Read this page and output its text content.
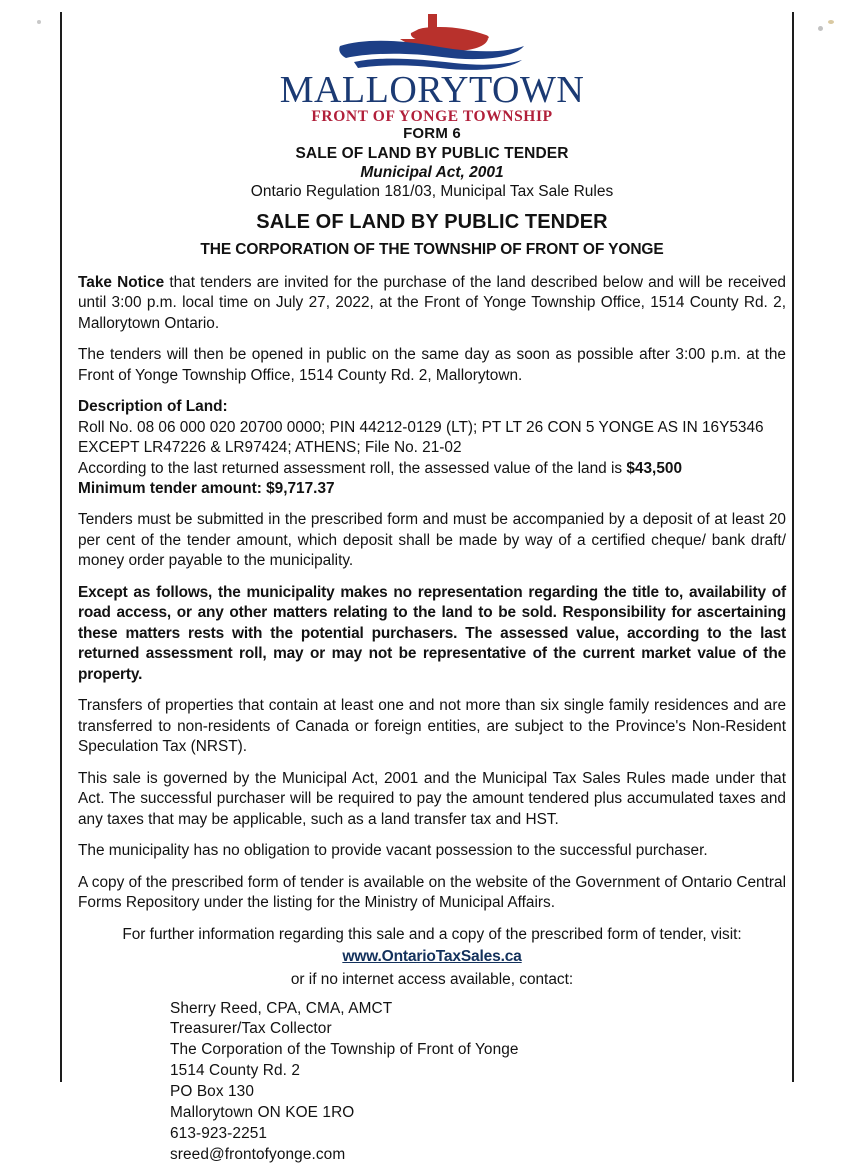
MALLORYTOWN
FRONT OF YONGE TOWNSHIP
FORM 6
SALE OF LAND BY PUBLIC TENDER
Municipal Act, 2001
Ontario Regulation 181/03, Municipal Tax Sale Rules
SALE OF LAND BY PUBLIC TENDER
THE CORPORATION OF THE TOWNSHIP OF FRONT OF YONGE

Take Notice that tenders are invited for the purchase of the land described below and will be received until 3:00 p.m. local time on July 27, 2022, at the Front of Yonge Township Office, 1514 County Rd. 2, Mallorytown Ontario.

The tenders will then be opened in public on the same day as soon as possible after 3:00 p.m. at the Front of Yonge Township Office, 1514 County Rd. 2, Mallorytown.

Description of Land:

Roll No. 08 06 000 020 20700 0000; PIN 44212-0129 (LT); PT LT 26 CON 5 YONGE AS IN 16Y5346

EXCEPT LR47226 & LR97424; ATHENS; File No. 21-02

According to the last returned assessment roll, the assessed value of the land is $43,500

Minimum tender amount: $9,717.37

Tenders must be submitted in the prescribed form and must be accompanied by a deposit of at least 20 per cent of the tender amount, which deposit shall be made by way of a certified cheque/ bank draft/ money order payable to the municipality.

Except as follows, the municipality makes no representation regarding the title to, availability of road access, or any other matters relating to the land to be sold. Responsibility for ascertaining these matters rests with the potential purchasers. The assessed value, according to the last returned assessment roll, may or may not be representative of the current market value of the property.

Transfers of properties that contain at least one and not more than six single family residences and are transferred to non-residents of Canada or foreign entities, are subject to the Province's Non-Resident Speculation Tax (NRST).

This sale is governed by the Municipal Act, 2001 and the Municipal Tax Sales Rules made under that Act. The successful purchaser will be required to pay the amount tendered plus accumulated taxes and any taxes that may be applicable, such as a land transfer tax and HST.

The municipality has no obligation to provide vacant possession to the successful purchaser.

A copy of the prescribed form of tender is available on the website of the Government of Ontario Central Forms Repository under the listing for the Ministry of Municipal Affairs.

For further information regarding this sale and a copy of the prescribed form of tender, visit:

www.OntarioTaxSales.ca

or if no internet access available, contact:

Sherry Reed, CPA, CMA, AMCT
Treasurer/Tax Collector
The Corporation of the Township of Front of Yonge
1514 County Rd. 2
PO Box 130
Mallorytown ON KOE 1RO
613-923-2251
sreed@frontofyonge.com
